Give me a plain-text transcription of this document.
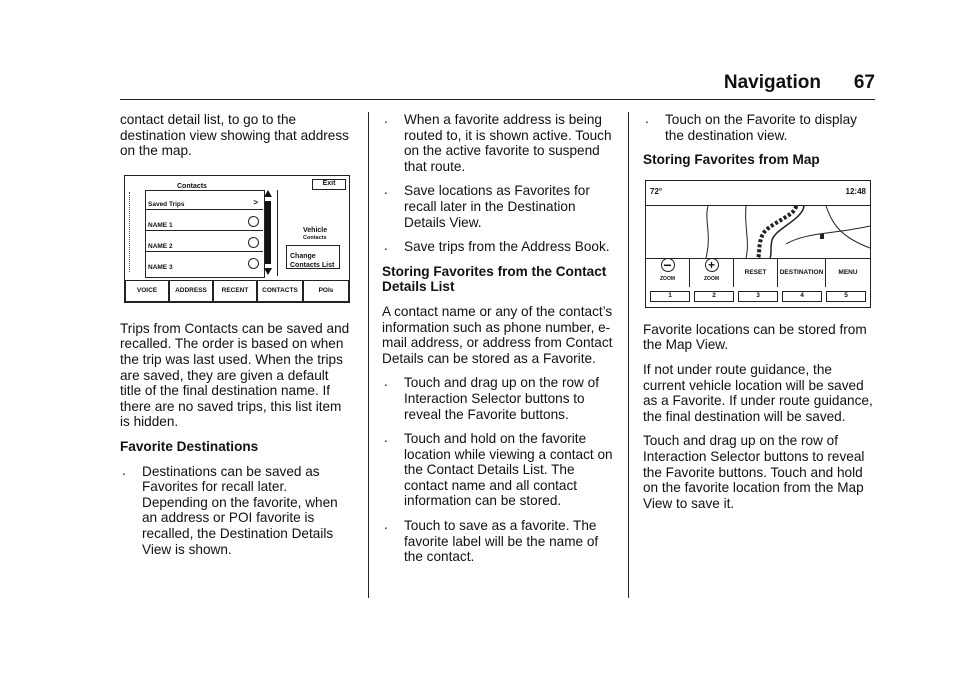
Navigation 67

contact detail list, to go to the destination view showing that address on the map.

Contacts	Exit
Saved Trips	>
NAME 1
NAME 2
NAME 3
Vehicle
Contacts
Change
Contacts List
VOICE	ADDRESS	RECENT	CONTACTS	POIs

Trips from Contacts can be saved and recalled. The order is based on when the trip was last used. When the trips are saved, they are given a default title of the final destination name. If there are no saved trips, this list item is hidden.

Favorite Destinations
. Destinations can be saved as Favorites for recall later. Depending on the favorite, when an address or POI favorite is recalled, the Destination Details View is shown.
. When a favorite address is being routed to, it is shown active. Touch on the active favorite to suspend that route.
. Save locations as Favorites for recall later in the Destination Details View.
. Save trips from the Address Book.
Storing Favorites from the Contact Details List

A contact name or any of the contact’s information such as phone number, e-mail address, or address from Contact Details can be stored as a Favorite.

. Touch and drag up on the row of Interaction Selector buttons to reveal the Favorite buttons.
. Touch and hold on the favorite location while viewing a contact on the Contact Details List. The contact name and all contact information can be stored.
. Touch to save as a favorite. The favorite label will be the name of the contact.
. Touch on the Favorite to display the destination view.
Storing Favorites from Map
72°	12:48
−
ZOOM
+
ZOOM
RESET	DESTINATION	MENU
1	2	3	4	5

Favorite locations can be stored from the Map View.

If not under route guidance, the current vehicle location will be saved as a Favorite. If under route guidance, the final destination will be saved.

Touch and drag up on the row of Interaction Selector buttons to reveal the Favorite buttons. Touch and hold on the favorite location from the Map View to save it.
